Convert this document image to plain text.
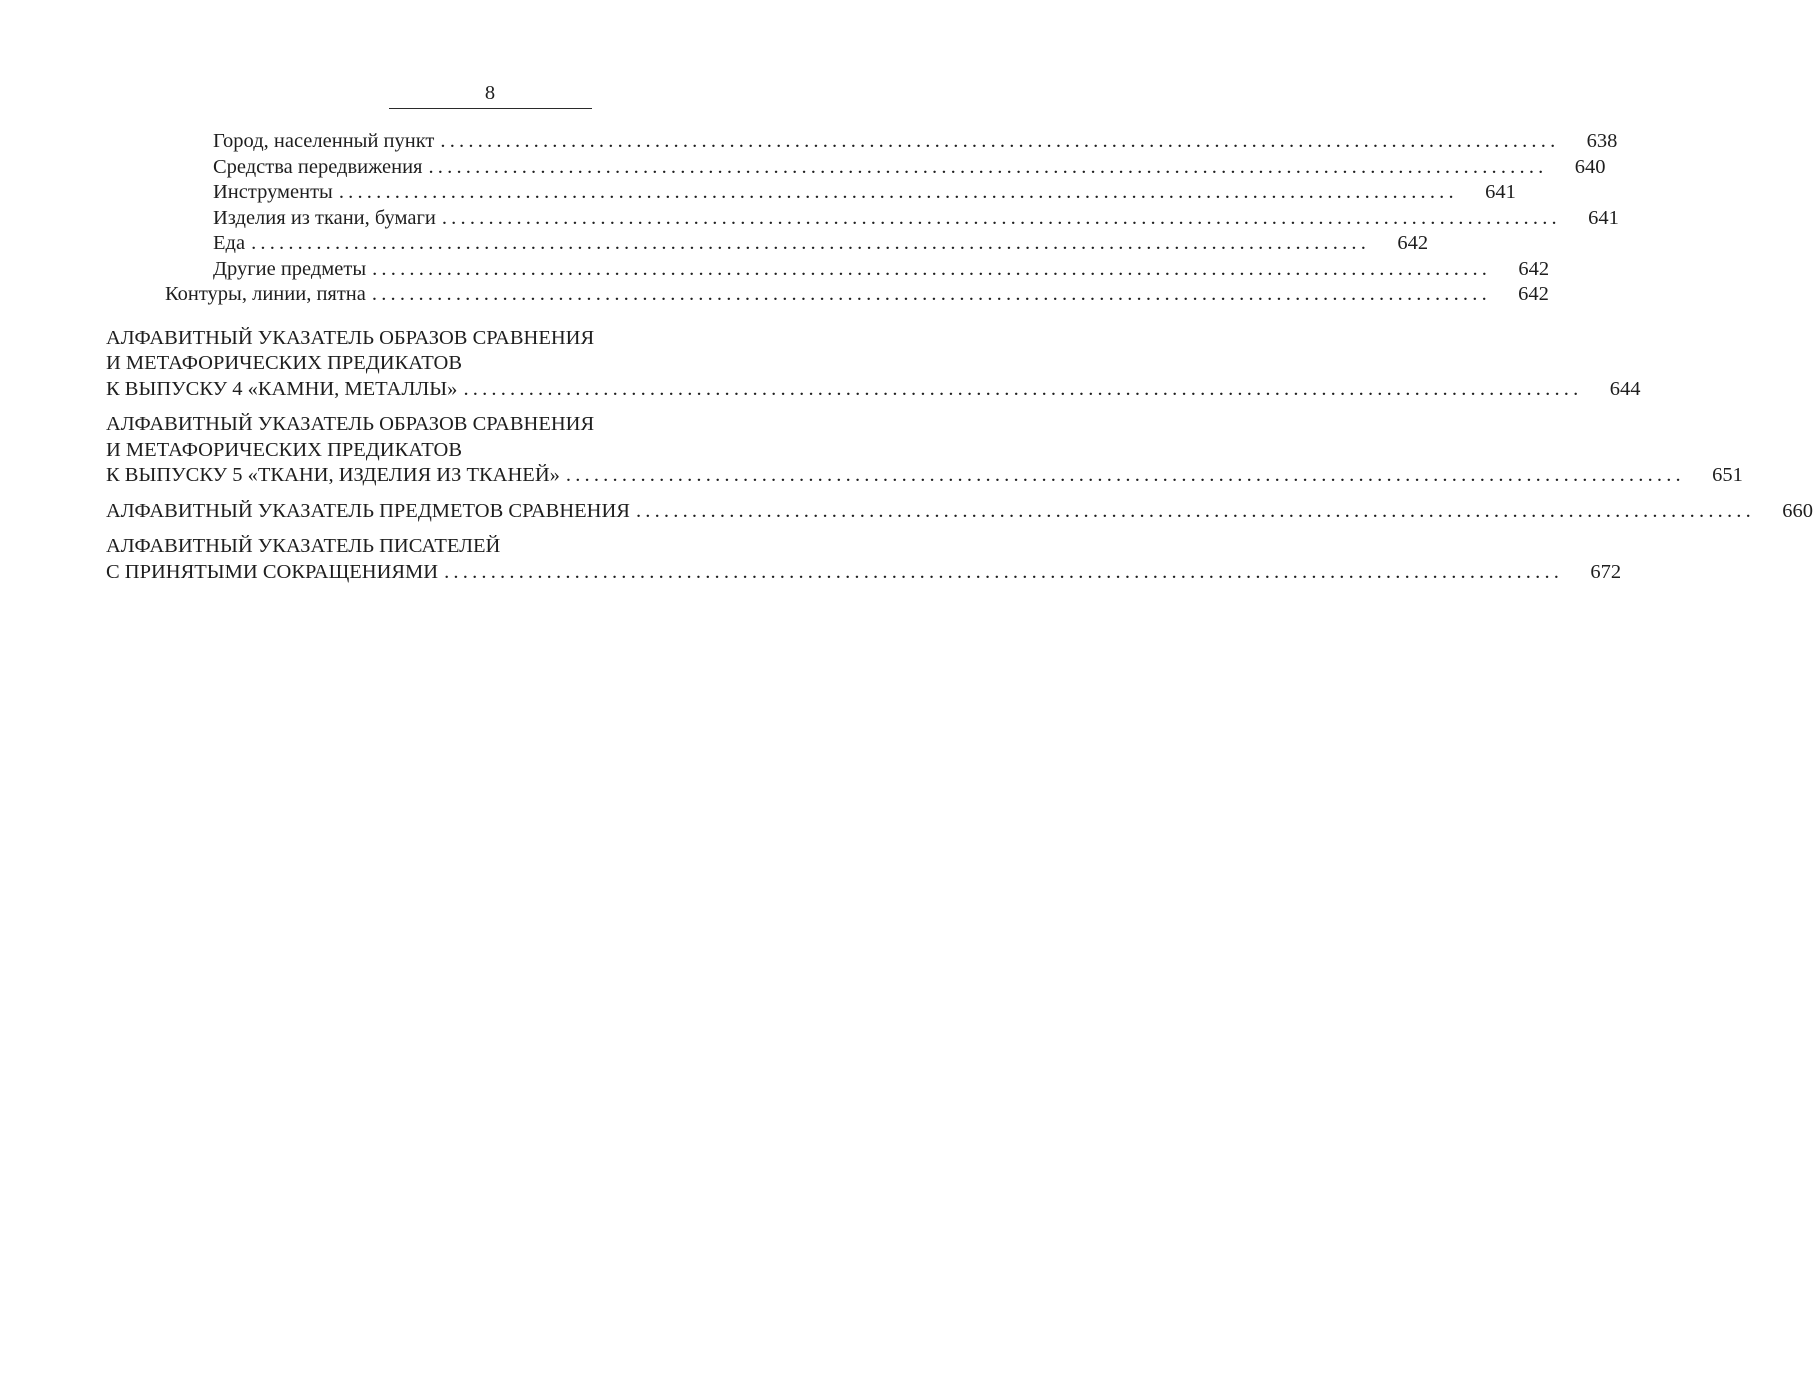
8
Город, населенный пункт ........................................................................................................................ 638
Средства передвижения ........................................................................................................................ 640
Инструменты ........................................................................................................................ 641
Изделия из ткани, бумаги ........................................................................................................................ 641
Еда ........................................................................................................................ 642
Другие предметы ........................................................................................................................ 642
Контуры, линии, пятна ........................................................................................................................ 642
АЛФАВИТНЫЙ УКАЗАТЕЛЬ ОБРАЗОВ СРАВНЕНИЯ
И МЕТАФОРИЧЕСКИХ ПРЕДИКАТОВ
К ВЫПУСКУ 4 «КАМНИ, МЕТАЛЛЫ» ........................................................................................................................ 644
АЛФАВИТНЫЙ УКАЗАТЕЛЬ ОБРАЗОВ СРАВНЕНИЯ
И МЕТАФОРИЧЕСКИХ ПРЕДИКАТОВ
К ВЫПУСКУ 5 «ТКАНИ, ИЗДЕЛИЯ ИЗ ТКАНЕЙ» ........................................................................................................................ 651
АЛФАВИТНЫЙ УКАЗАТЕЛЬ ПРЕДМЕТОВ СРАВНЕНИЯ ........................................................................................................................ 660
АЛФАВИТНЫЙ УКАЗАТЕЛЬ ПИСАТЕЛЕЙ
С ПРИНЯТЫМИ СОКРАЩЕНИЯМИ ........................................................................................................................ 672
